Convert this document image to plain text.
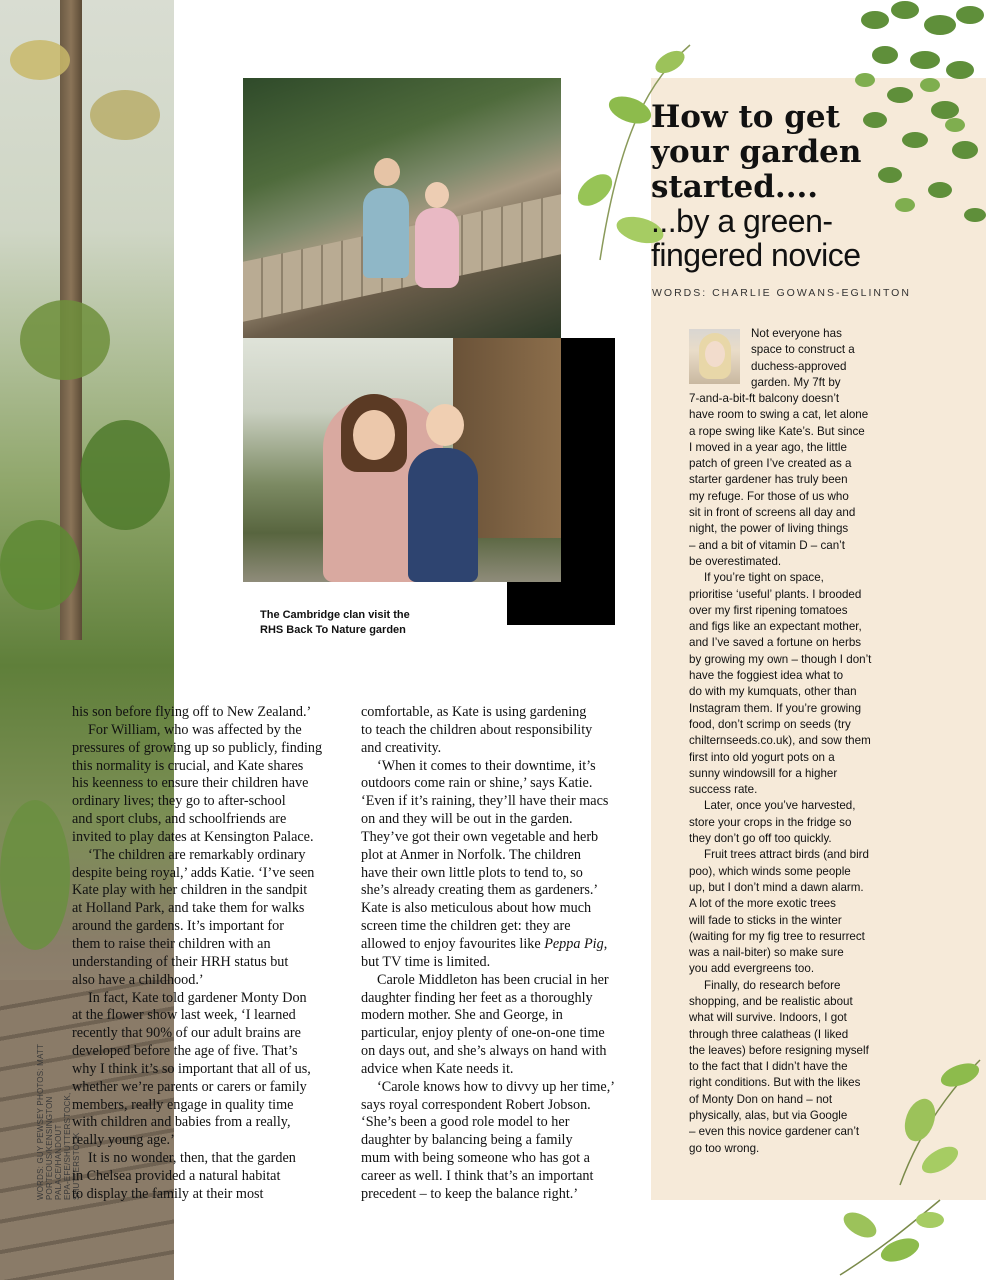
WORDS: GUY PEWSEY PHOTOS: MATT PORTEOUS/KENSINGTON PALACE/HANDOUT EPA-EFE/SHUTTERSTOCK, SHUTTERSTOCK
The Cambridge clan visit the
RHS Back To Nature garden
his son before flying off to New Zealand.’
For William, who was affected by the
pressures of growing up so publicly, finding
this normality is crucial, and Kate shares
his keenness to ensure their children have
ordinary lives; they go to after-school
and sport clubs, and schoolfriends are
invited to play dates at Kensington Palace.
‘The children are remarkably ordinary
despite being royal,’ adds Katie. ‘I’ve seen
Kate play with her children in the sandpit
at Holland Park, and take them for walks
around the gardens. It’s important for
them to raise their children with an
understanding of their HRH status but
also have a childhood.’
In fact, Kate told gardener Monty Don
at the flower show last week, ‘I learned
recently that 90% of our adult brains are
developed before the age of five. That’s
why I think it’s so important that all of us,
whether we’re parents or carers or family
members, really engage in quality time
with children and babies from a really,
really young age.’
It is no wonder, then, that the garden
in Chelsea provided a natural habitat
to display the family at their most
comfortable, as Kate is using gardening
to teach the children about responsibility
and creativity.
‘When it comes to their downtime, it’s
outdoors come rain or shine,’ says Katie.
‘Even if it’s raining, they’ll have their macs
on and they will be out in the garden.
They’ve got their own vegetable and herb
plot at Anmer in Norfolk. The children
have their own little plots to tend to, so
she’s already creating them as gardeners.’
Kate is also meticulous about how much
screen time the children get: they are
allowed to enjoy favourites like Peppa Pig,
but TV time is limited.
Carole Middleton has been crucial in her
daughter finding her feet as a thoroughly
modern mother. She and George, in
particular, enjoy plenty of one-on-one time
on days out, and she’s always on hand with
advice when Kate needs it.
‘Carole knows how to divvy up her time,’
says royal correspondent Robert Jobson.
‘She’s been a good role model to her
daughter by balancing being a family
mum with being someone who has got a
career as well. I think that’s an important
precedent – to keep the balance right.’
How to get
your garden
started....
...by a green-
fingered novice
WORDS: CHARLIE GOWANS-EGLINTON
Not everyone has
space to construct a
duchess-approved
garden. My 7ft by
7-and-a-bit-ft balcony doesn’t
have room to swing a cat, let alone
a rope swing like Kate’s. But since
I moved in a year ago, the little
patch of green I’ve created as a
starter gardener has truly been
my refuge. For those of us who
sit in front of screens all day and
night, the power of living things
– and a bit of vitamin D – can’t
be overestimated.
If you’re tight on space,
prioritise ‘useful’ plants. I brooded
over my first ripening tomatoes
and figs like an expectant mother,
and I’ve saved a fortune on herbs
by growing my own – though I don’t
have the foggiest idea what to
do with my kumquats, other than
Instagram them. If you’re growing
food, don’t scrimp on seeds (try
chilternseeds.co.uk), and sow them
first into old yogurt pots on a
sunny windowsill for a higher
success rate.
Later, once you’ve harvested,
store your crops in the fridge so
they don’t go off too quickly.
Fruit trees attract birds (and bird
poo), which winds some people
up, but I don’t mind a dawn alarm.
A lot of the more exotic trees
will fade to sticks in the winter
(waiting for my fig tree to resurrect
was a nail-biter) so make sure
you add evergreens too.
Finally, do research before
shopping, and be realistic about
what will survive. Indoors, I got
through three calatheas (I liked
the leaves) before resigning myself
to the fact that I didn’t have the
right conditions. But with the likes
of Monty Don on hand – not
physically, alas, but via Google
– even this novice gardener can’t
go too wrong.
